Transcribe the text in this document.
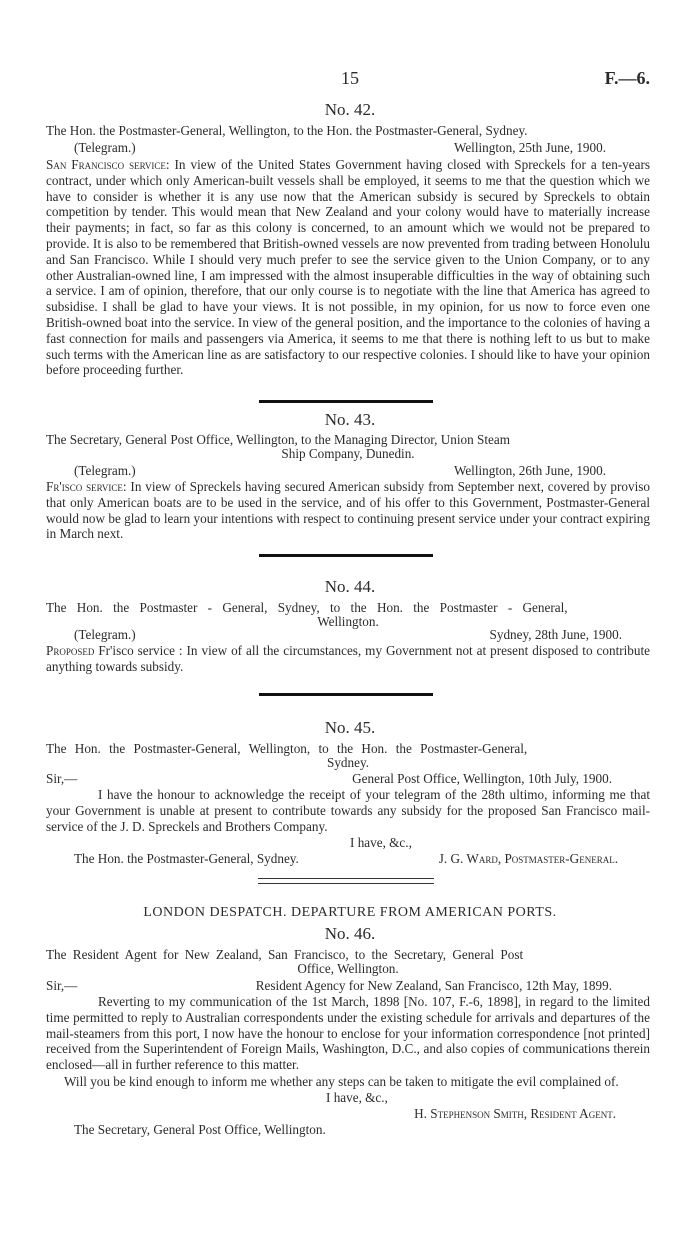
15	F.—6.
No. 42.
The Hon. the Postmaster-General, Wellington, to the Hon. the Postmaster-General, Sydney.
(Telegram.)	Wellington, 25th June, 1900.
San Francisco service: In view of the United States Government having closed with Spreckels for a ten-years contract, under which only American-built vessels shall be employed, it seems to me that the question which we have to consider is whether it is any use now that the American subsidy is secured by Spreckels to obtain competition by tender. This would mean that New Zealand and your colony would have to materially increase their payments; in fact, so far as this colony is concerned, to an amount which we would not be prepared to provide. It is also to be remembered that British-owned vessels are now prevented from trading between Honolulu and San Francisco. While I should very much prefer to see the service given to the Union Company, or to any other Australian-owned line, I am impressed with the almost insuperable difficulties in the way of obtaining such a service. I am of opinion, therefore, that our only course is to negotiate with the line that America has agreed to subsidise. I shall be glad to have your views. It is not possible, in my opinion, for us now to force even one British-owned boat into the service. In view of the general position, and the importance to the colonies of having a fast connection for mails and passengers via America, it seems to me that there is nothing left to us but to make such terms with the American line as are satisfactory to our respective colonies. I should like to have your opinion before proceeding further.
No. 43.
The Secretary, General Post Office, Wellington, to the Managing Director, Union Steam
Ship Company, Dunedin.
(Telegram.)	Wellington, 26th June, 1900.
Fr'isco service: In view of Spreckels having secured American subsidy from September next, covered by proviso that only American boats are to be used in the service, and of his offer to this Government, Postmaster-General would now be glad to learn your intentions with respect to continuing present service under your contract expiring in March next.
No. 44.
The Hon. the Postmaster - General, Sydney, to the Hon. the Postmaster - General,
Wellington.
(Telegram.)	Sydney, 28th June, 1900.
Proposed Fr'isco service : In view of all the circumstances, my Government not at present disposed to contribute anything towards subsidy.
No. 45.
The Hon. the Postmaster-General, Wellington, to the Hon. the Postmaster-General,
Sydney.
Sir,—	General Post Office, Wellington, 10th July, 1900.
I have the honour to acknowledge the receipt of your telegram of the 28th ultimo, informing me that your Government is unable at present to contribute towards any subsidy for the proposed San Francisco mail-service of the J. D. Spreckels and Brothers Company.
I have, &c.,
The Hon. the Postmaster-General, Sydney.	J. G. Ward, Postmaster-General.
LONDON DESPATCH. DEPARTURE FROM AMERICAN PORTS.
No. 46.
The Resident Agent for New Zealand, San Francisco, to the Secretary, General Post
Office, Wellington.
Sir,—	Resident Agency for New Zealand, San Francisco, 12th May, 1899.
Reverting to my communication of the 1st March, 1898 [No. 107, F.-6, 1898], in regard to the limited time permitted to reply to Australian correspondents under the existing schedule for arrivals and departures of the mail-steamers from this port, I now have the honour to enclose for your information correspondence [not printed] received from the Superintendent of Foreign Mails, Washington, D.C., and also copies of communications therein enclosed—all in further reference to this matter.
Will you be kind enough to inform me whether any steps can be taken to mitigate the evil complained of.
I have, &c.,
H. Stephenson Smith, Resident Agent.
The Secretary, General Post Office, Wellington.
